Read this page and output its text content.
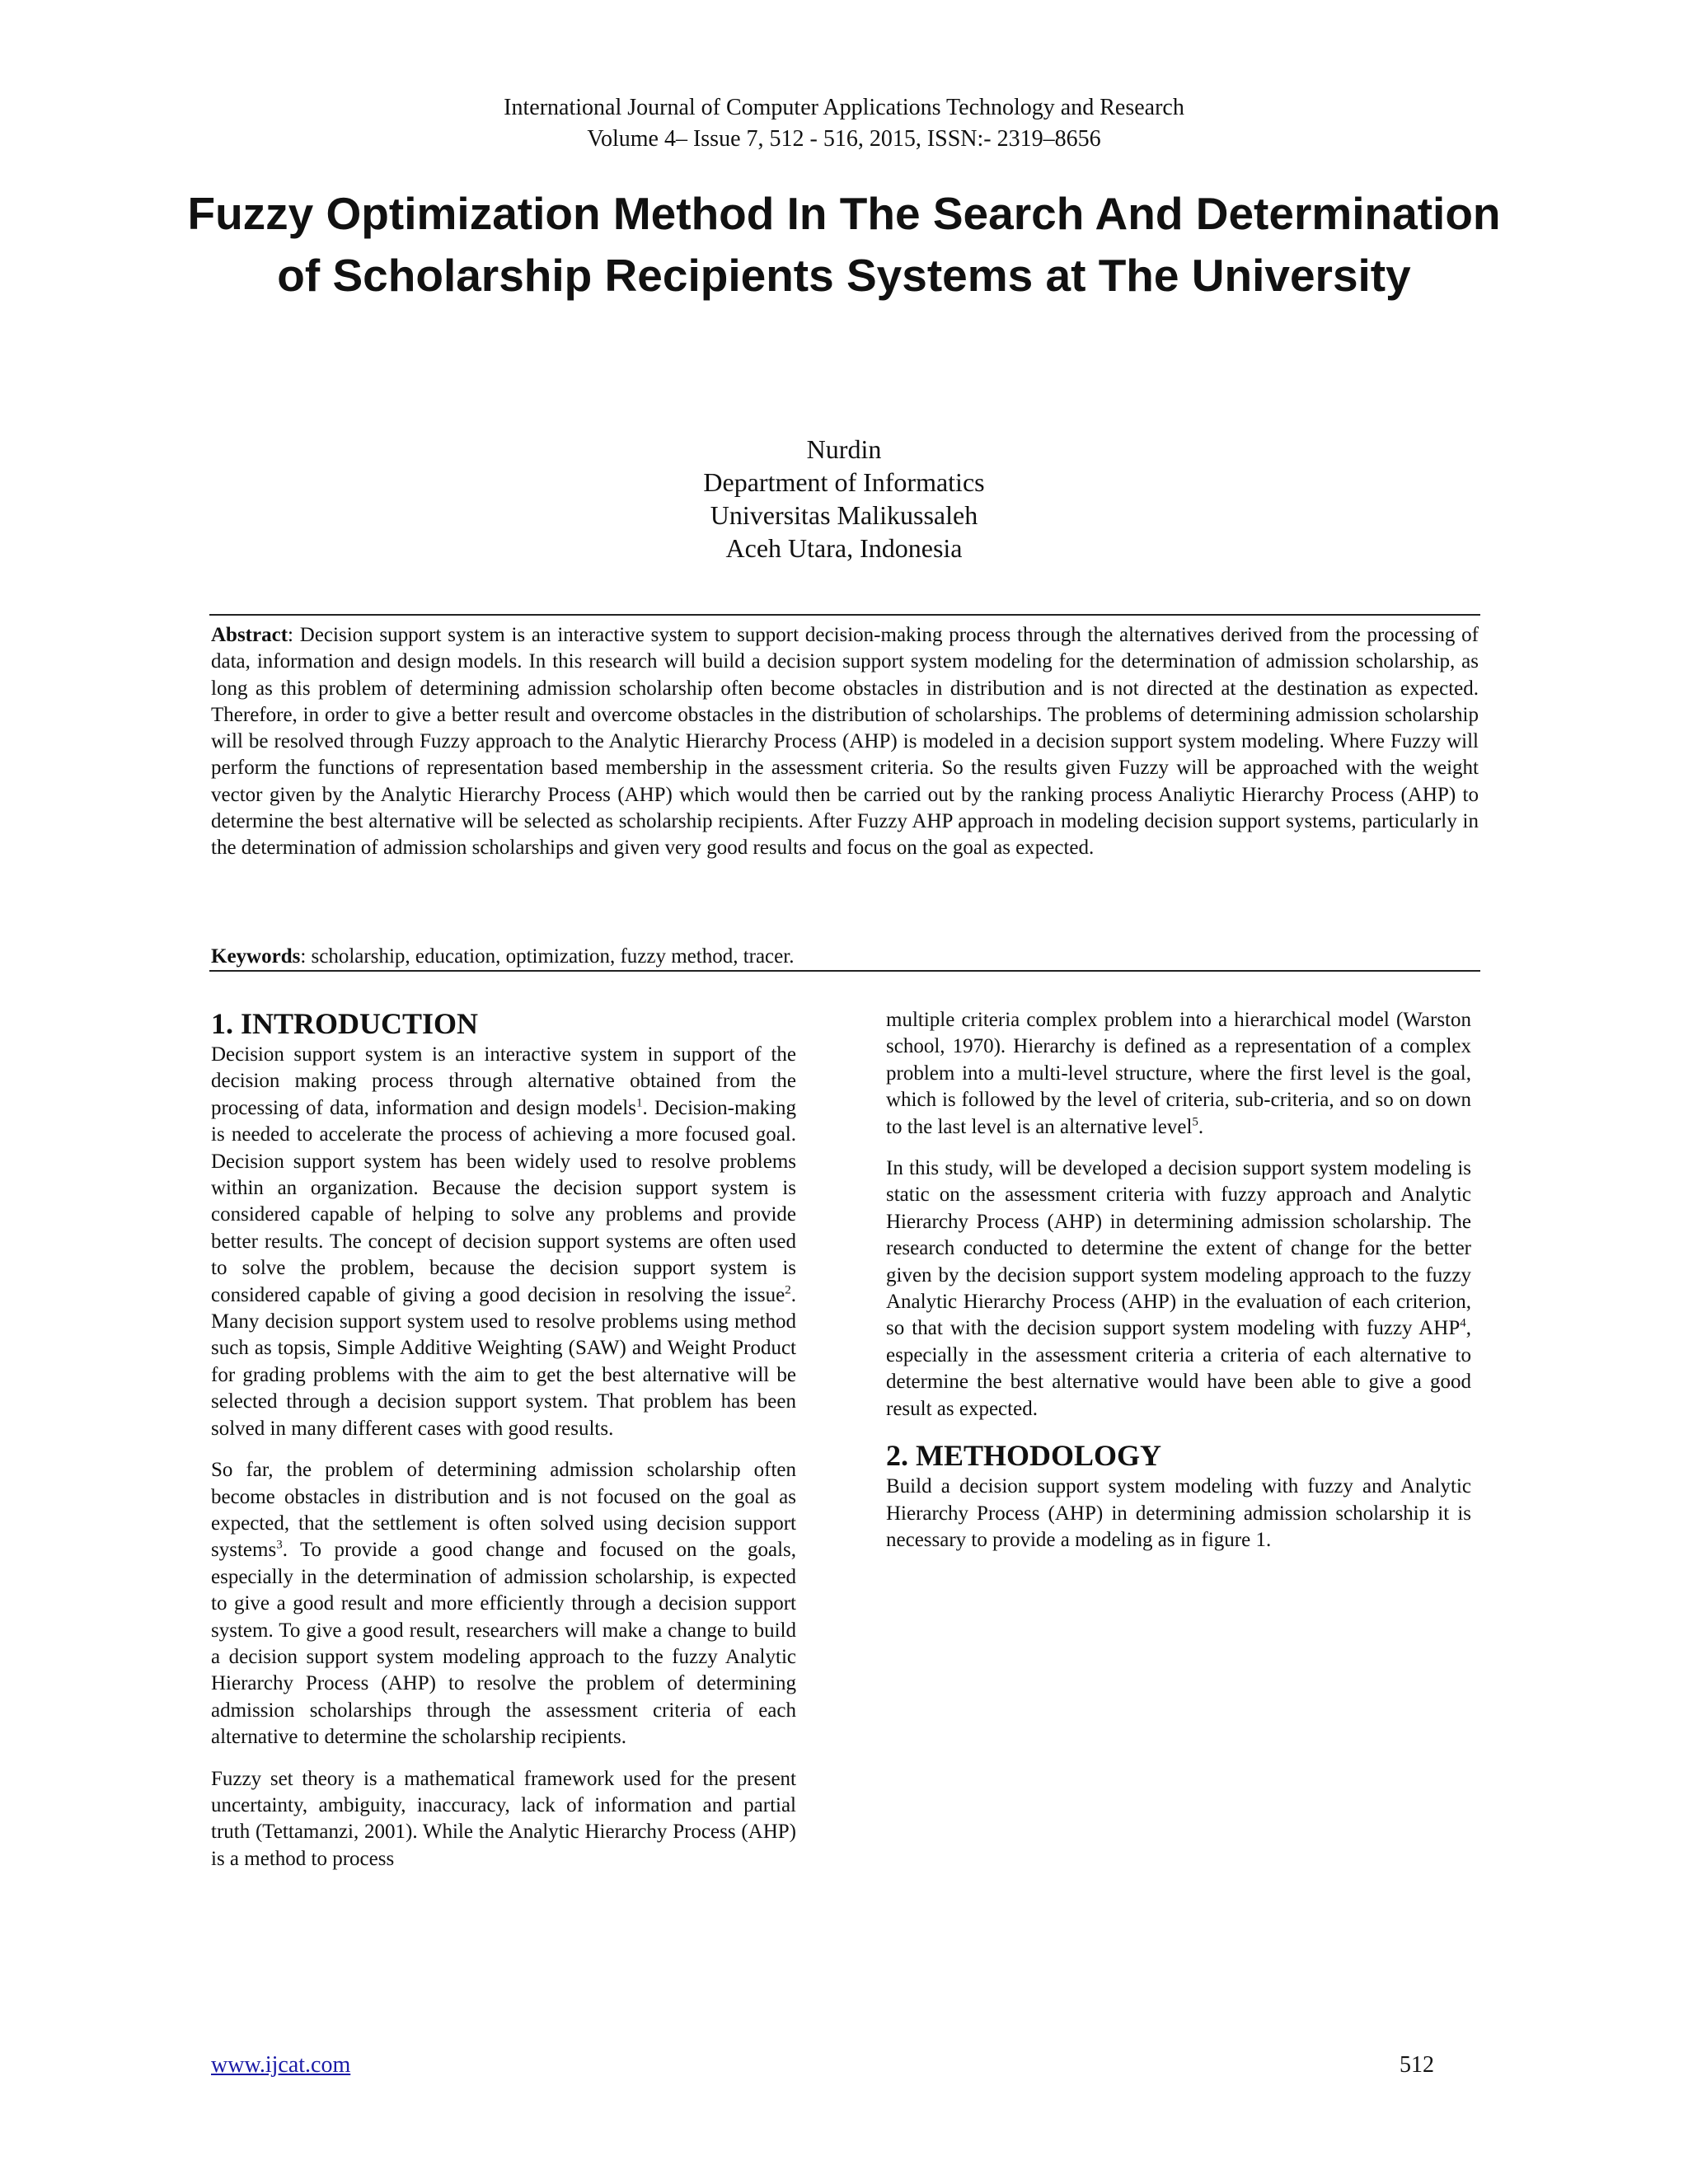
International Journal of Computer Applications Technology and Research
Volume 4– Issue 7, 512 - 516, 2015, ISSN:- 2319–8656
Fuzzy Optimization Method In The Search And Determination of Scholarship Recipients Systems at The University
Nurdin
Department of Informatics
Universitas Malikussaleh
Aceh Utara, Indonesia
Abstract: Decision support system is an interactive system to support decision-making process through the alternatives derived from the processing of data, information and design models. In this research will build a decision support system modeling for the determination of admission scholarship, as long as this problem of determining admission scholarship often become obstacles in distribution and is not directed at the destination as expected. Therefore, in order to give a better result and overcome obstacles in the distribution of scholarships. The problems of determining admission scholarship will be resolved through Fuzzy approach to the Analytic Hierarchy Process (AHP) is modeled in a decision support system modeling. Where Fuzzy will perform the functions of representation based membership in the assessment criteria. So the results given Fuzzy will be approached with the weight vector given by the Analytic Hierarchy Process (AHP) which would then be carried out by the ranking process Analiytic Hierarchy Process (AHP) to determine the best alternative will be selected as scholarship recipients. After Fuzzy AHP approach in modeling decision support systems, particularly in the determination of admission scholarships and given very good results and focus on the goal as expected.
Keywords: scholarship, education, optimization, fuzzy method, tracer.
1. INTRODUCTION

Decision support system is an interactive system in support of the decision making process through alternative obtained from the processing of data, information and design models$^1$. Decision-making is needed to accelerate the process of achieving a more focused goal. Decision support system has been widely used to resolve problems within an organization. Because the decision support system is considered capable of helping to solve any problems and provide better results. The concept of decision support systems are often used to solve the problem, because the decision support system is considered capable of giving a good decision in resolving the issue$^2$. Many decision support system used to resolve problems using method such as topsis, Simple Additive Weighting (SAW) and Weight Product for grading problems with the aim to get the best alternative will be selected through a decision support system. That problem has been solved in many different cases with good results.

So far, the problem of determining admission scholarship often become obstacles in distribution and is not focused on the goal as expected, that the settlement is often solved using decision support systems$^3$. To provide a good change and focused on the goals, especially in the determination of admission scholarship, is expected to give a good result and more efficiently through a decision support system. To give a good result, researchers will make a change to build a decision support system modeling approach to the fuzzy Analytic Hierarchy Process (AHP) to resolve the problem of determining admission scholarships through the assessment criteria of each alternative to determine the scholarship recipients.

Fuzzy set theory is a mathematical framework used for the present uncertainty, ambiguity, inaccuracy, lack of information and partial truth (Tettamanzi, 2001). While the Analytic Hierarchy Process (AHP) is a method to process

multiple criteria complex problem into a hierarchical model (Warston school, 1970). Hierarchy is defined as a representation of a complex problem into a multi-level structure, where the first level is the goal, which is followed by the level of criteria, sub-criteria, and so on down to the last level is an alternative level$^5$.

In this study, will be developed a decision support system modeling is static on the assessment criteria with fuzzy approach and Analytic Hierarchy Process (AHP) in determining admission scholarship. The research conducted to determine the extent of change for the better given by the decision support system modeling approach to the fuzzy Analytic Hierarchy Process (AHP) in the evaluation of each criterion, so that with the decision support system modeling with fuzzy AHP$^4$, especially in the assessment criteria a criteria of each alternative to determine the best alternative would have been able to give a good result as expected.

2. METHODOLOGY

Build a decision support system modeling with fuzzy and Analytic Hierarchy Process (AHP) in determining admission scholarship it is necessary to provide a modeling as in figure 1.

www.ijcat.com	512
